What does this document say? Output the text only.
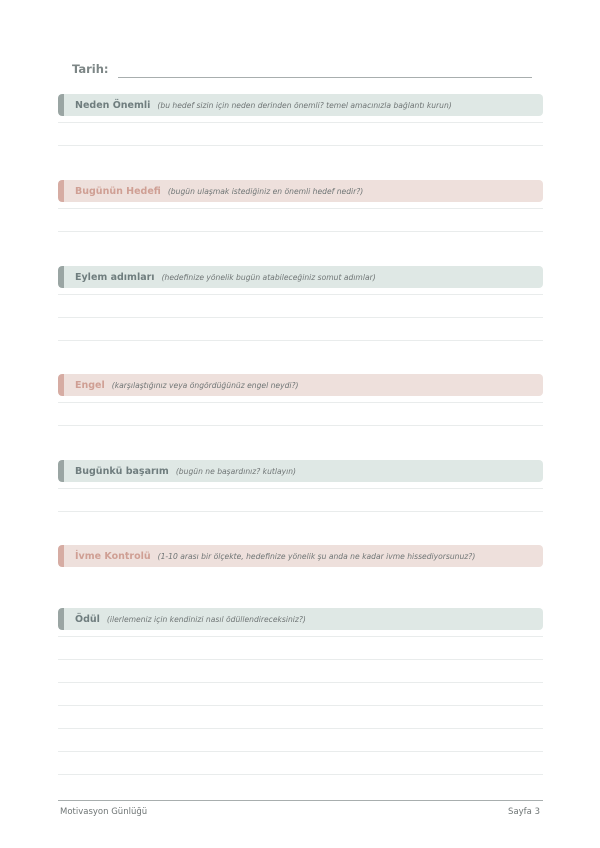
Tarih:
Neden Önemli (bu hedef sizin için neden derinden önemli? temel amacınızla bağlantı kurun)
Bugünün Hedefi (bugün ulaşmak istediğiniz en önemli hedef nedir?)
Eylem adımları (hedefinize yönelik bugün atabileceğiniz somut adımlar)
Engel (karşılaştığınız veya öngördüğünüz engel neydi?)
Bugünkü başarım (bugün ne başardınız? kutlayın)
İvme Kontrolü (1-10 arası bir ölçekte, hedefinize yönelik şu anda ne kadar ivme hissediyorsunuz?)
Ödül (ilerlemeniz için kendinizi nasıl ödüllendireceksiniz?)
Motivasyon Günlüğü	Sayfa 3
